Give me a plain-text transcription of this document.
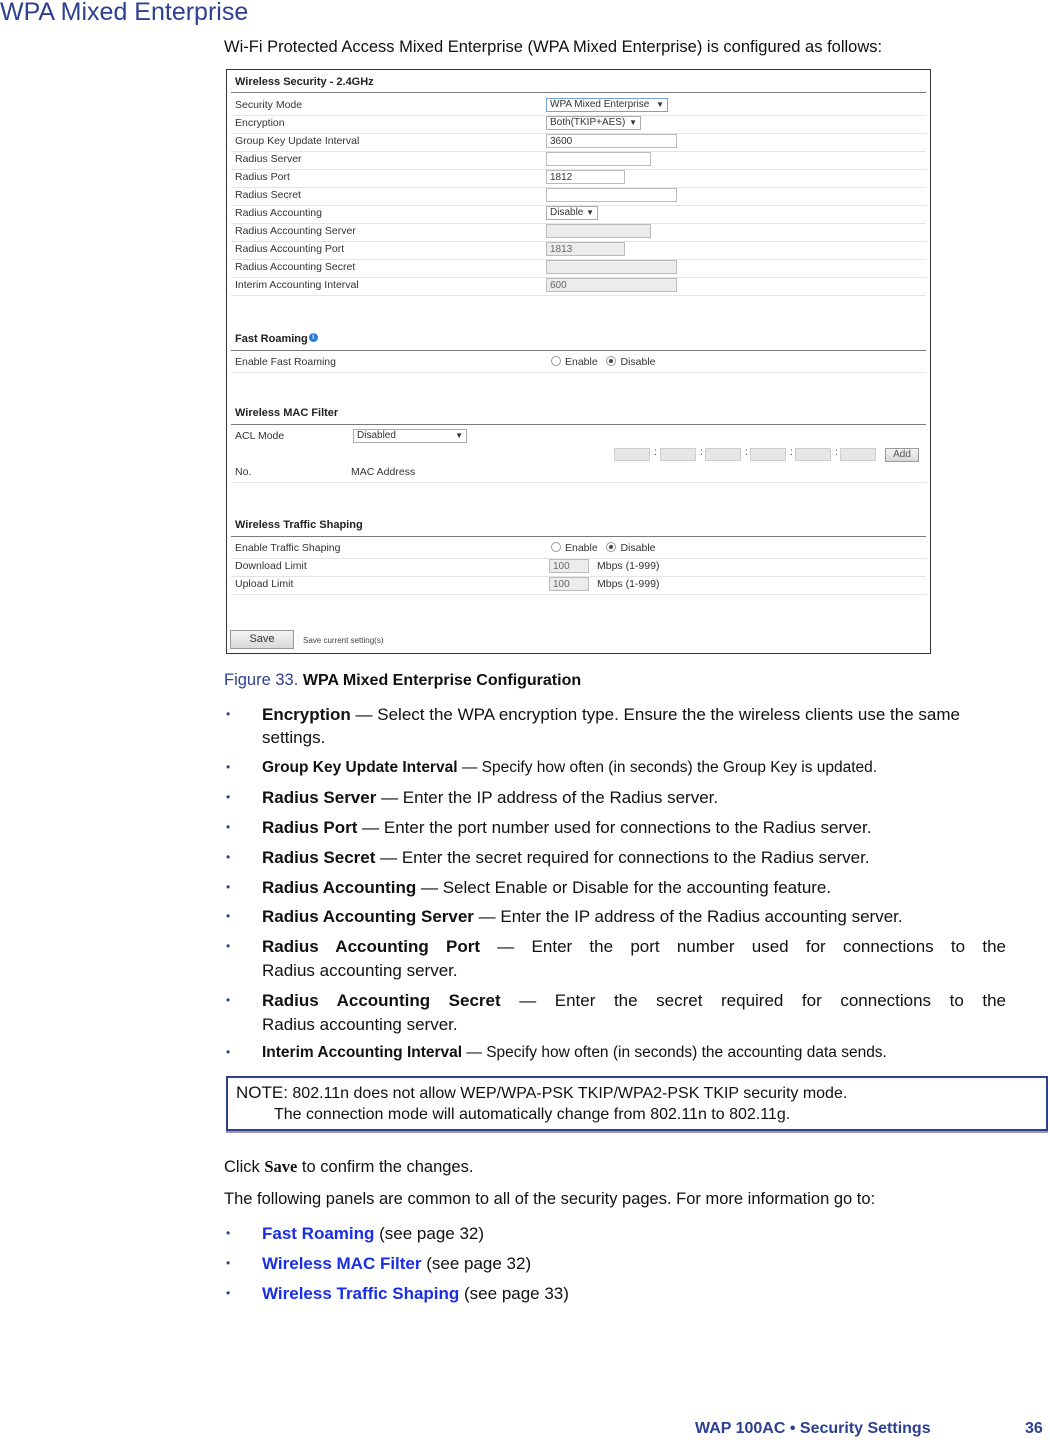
WPA Mixed Enterprise
Wi-Fi Protected Access Mixed Enterprise (WPA Mixed Enterprise) is configured as follows:
Wireless Security - 2.4GHz
Security Mode	WPA Mixed Enterprise ▼
Encryption	Both(TKIP+AES) ▼
Group Key Update Interval	3600
Radius Server
Radius Port	1812
Radius Secret
Radius Accounting	Disable ▼
Radius Accounting Server
Radius Accounting Port	1813
Radius Accounting Secret
Interim Accounting Interval	600
Fast Roaming i
Enable Fast Roaming	Enable Disable
Wireless MAC Filter
ACL Mode	Disabled	▼
:	:	:	:	:	Add
No.	MAC Address
Wireless Traffic Shaping
Enable Traffic Shaping	Enable Disable
Download Limit	100	Mbps (1-999)
Upload Limit	100	Mbps (1-999)
Save	Save current setting(s)
Figure 33. WPA Mixed Enterprise Configuration
• Encryption — Select the WPA encryption type. Ensure the the wireless clients use the same settings.
• Group Key Update Interval — Specify how often (in seconds) the Group Key is updated.
• Radius Server — Enter the IP address of the Radius server.
• Radius Port — Enter the port number used for connections to the Radius server.
• Radius Secret — Enter the secret required for connections to the Radius server.
• Radius Accounting — Select Enable or Disable for the accounting feature.
• Radius Accounting Server — Enter the IP address of the Radius accounting server.
• Radius Accounting Port — Enter the port number used for connections to the
Radius accounting server.
• Radius Accounting Secret — Enter the secret required for connections to the
Radius accounting server.
• Interim Accounting Interval — Specify how often (in seconds) the accounting data sends.
NOTE: 802.11n does not allow WEP/WPA-PSK TKIP/WPA2-PSK TKIP security mode.
The connection mode will automatically change from 802.11n to 802.11g.
Click Save to confirm the changes.
The following panels are common to all of the security pages. For more information go to:
• Fast Roaming (see page 32)
• Wireless MAC Filter (see page 32)
• Wireless Traffic Shaping (see page 33)
WAP 100AC • Security Settings	36
